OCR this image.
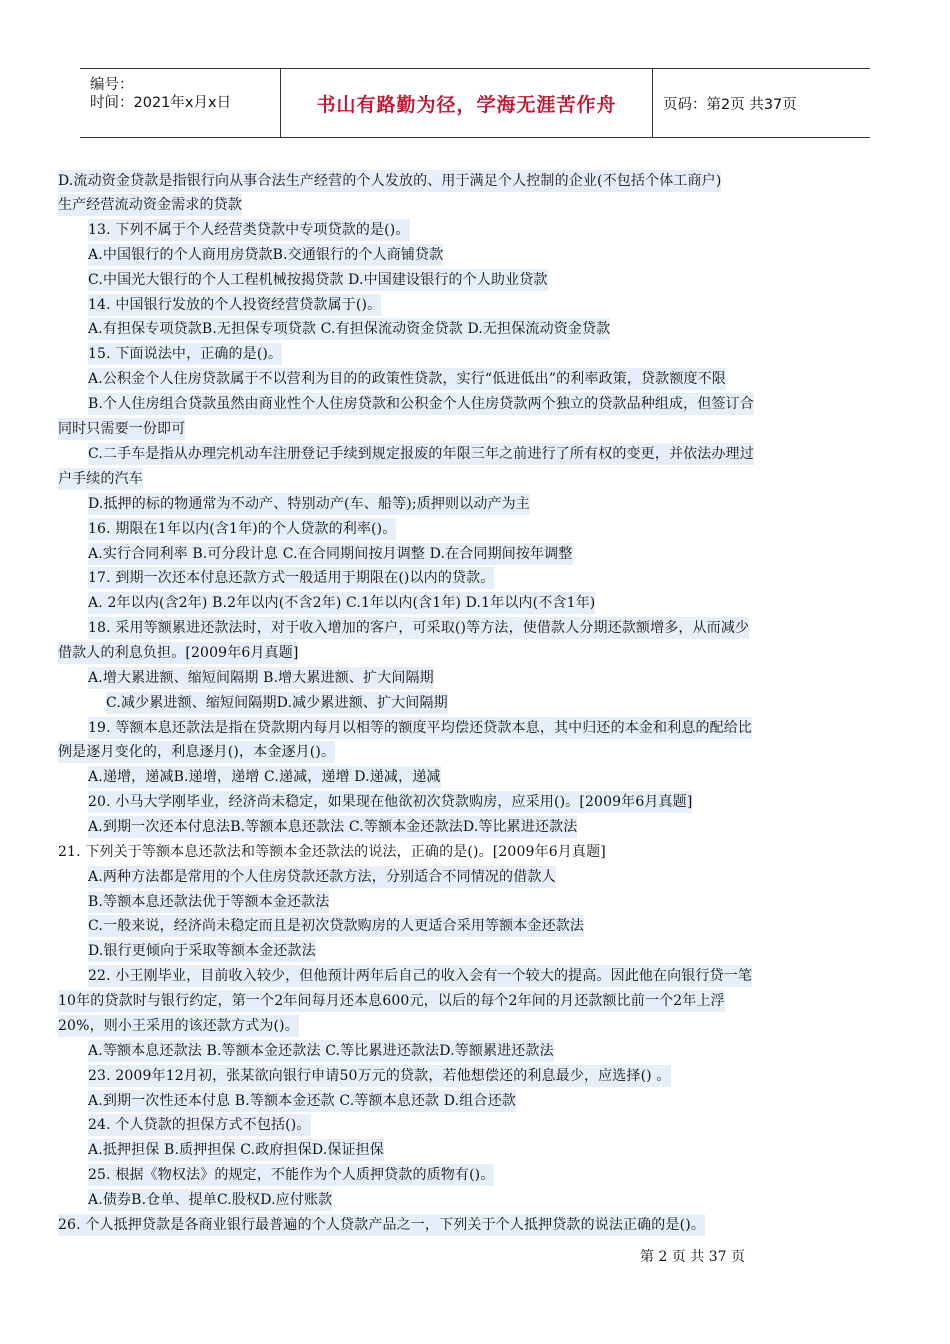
编号：
时间：2021年x月x日	书山有路勤为径，学海无涯苦作舟	页码：第2页 共37页
D.流动资金贷款是指银行向从事合法生产经营的个人发放的、用于满足个人控制的企业(不包括个体工商户)
生产经营流动资金需求的贷款
13. 下列不属于个人经营类贷款中专项贷款的是()。
A.中国银行的个人商用房贷款B.交通银行的个人商铺贷款
C.中国光大银行的个人工程机械按揭贷款 D.中国建设银行的个人助业贷款
14. 中国银行发放的个人投资经营贷款属于()。
A.有担保专项贷款B.无担保专项贷款 C.有担保流动资金贷款 D.无担保流动资金贷款
15. 下面说法中，正确的是()。
A.公积金个人住房贷款属于不以营利为目的的政策性贷款，实行“低进低出”的利率政策，贷款额度不限
B.个人住房组合贷款虽然由商业性个人住房贷款和公积金个人住房贷款两个独立的贷款品种组成，但签订合
同时只需要一份即可
C.二手车是指从办理完机动车注册登记手续到规定报废的年限三年之前进行了所有权的变更，并依法办理过
户手续的汽车
D.抵押的标的物通常为不动产、特别动产(车、船等);质押则以动产为主
16. 期限在1年以内(含1年)的个人贷款的利率()。
A.实行合同利率 B.可分段计息 C.在合同期间按月调整 D.在合同期间按年调整
17. 到期一次还本付息还款方式一般适用于期限在()以内的贷款。
A. 2年以内(含2年) B.2年以内(不含2年) C.1年以内(含1年) D.1年以内(不含1年)
18. 采用等额累进还款法时，对于收入增加的客户，可采取()等方法，使借款人分期还款额增多，从而减少
借款人的利息负担。[2009年6月真题]
A.增大累进额、缩短间隔期 B.增大累进额、扩大间隔期
C.减少累进额、缩短间隔期D.减少累进额、扩大间隔期
19. 等额本息还款法是指在贷款期内每月以相等的额度平均偿还贷款本息，其中归还的本金和利息的配给比
例是逐月变化的，利息逐月()，本金逐月()。
A.递增，递减B.递增，递增 C.递减，递增 D.递减，递减
20. 小马大学刚毕业，经济尚未稳定，如果现在他欲初次贷款购房，应采用()。[2009年6月真题]
A.到期一次还本付息法B.等额本息还款法 C.等额本金还款法D.等比累进还款法
21. 下列关于等额本息还款法和等额本金还款法的说法，正确的是()。[2009年6月真题]
A.两种方法都是常用的个人住房贷款还款方法，分别适合不同情况的借款人
B.等额本息还款法优于等额本金还款法
C.一般来说，经济尚未稳定而且是初次贷款购房的人更适合采用等额本金还款法
D.银行更倾向于采取等额本金还款法
22. 小王刚毕业，目前收入较少，但他预计两年后自己的收入会有一个较大的提高。因此他在向银行贷一笔
10年的贷款时与银行约定，第一个2年间每月还本息600元，以后的每个2年间的月还款额比前一个2年上浮
20%，则小王采用的该还款方式为()。
A.等额本息还款法 B.等额本金还款法 C.等比累进还款法D.等额累进还款法
23. 2009年12月初，张某欲向银行申请50万元的贷款，若他想偿还的利息最少，应选择() 。
A.到期一次性还本付息 B.等额本金还款 C.等额本息还款 D.组合还款
24. 个人贷款的担保方式不包括()。
A.抵押担保 B.质押担保 C.政府担保D.保证担保
25. 根据《物权法》的规定，不能作为个人质押贷款的质物有()。
A.债券B.仓单、提单C.股权D.应付账款
26. 个人抵押贷款是各商业银行最普遍的个人贷款产品之一，下列关于个人抵押贷款的说法正确的是()。
第 2 页 共 37 页
